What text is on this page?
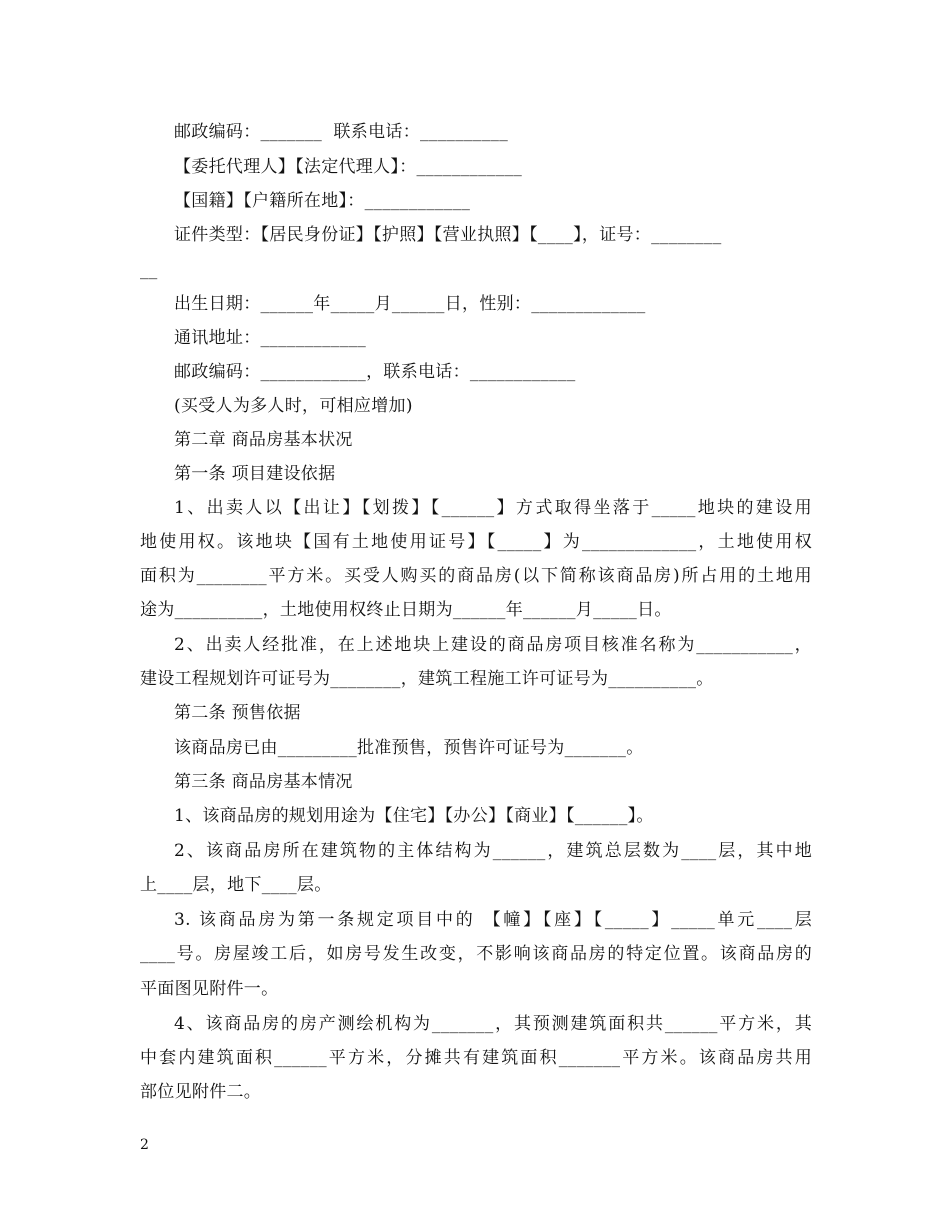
邮政编码：_______  联系电话：__________
【委托代理人】【法定代理人】：____________
【国籍】【户籍所在地】：____________
证件类型：【居民身份证】【护照】【营业执照】【____】，证号：________
__
出生日期：______年_____月______日，性别：_____________
通讯地址：____________
邮政编码：____________，联系电话：____________
(买受人为多人时，可相应增加)
第二章 商品房基本状况
第一条 项目建设依据
1、出卖人以【出让】【划拨】【______】方式取得坐落于_____地块的建设用
地使用权。该地块【国有土地使用证号】【_____】为_____________，土地使用权
面积为________平方米。买受人购买的商品房(以下简称该商品房)所占用的土地用
途为__________，土地使用权终止日期为______年______月_____日。
2、出卖人经批准，在上述地块上建设的商品房项目核准名称为___________，
建设工程规划许可证号为________，建筑工程施工许可证号为__________。
第二条 预售依据
该商品房已由_________批准预售，预售许可证号为_______。
第三条 商品房基本情况
1、该商品房的规划用途为【住宅】【办公】【商业】【______】。
2、该商品房所在建筑物的主体结构为______，建筑总层数为____层，其中地
上____层，地下____层。
3. 该商品房为第一条规定项目中的 【幢】【座】【_____】_____单元____层
____号。房屋竣工后，如房号发生改变，不影响该商品房的特定位置。该商品房的
平面图见附件一。
4、该商品房的房产测绘机构为_______，其预测建筑面积共______平方米，其
中套内建筑面积______平方米，分摊共有建筑面积_______平方米。该商品房共用
部位见附件二。
2
